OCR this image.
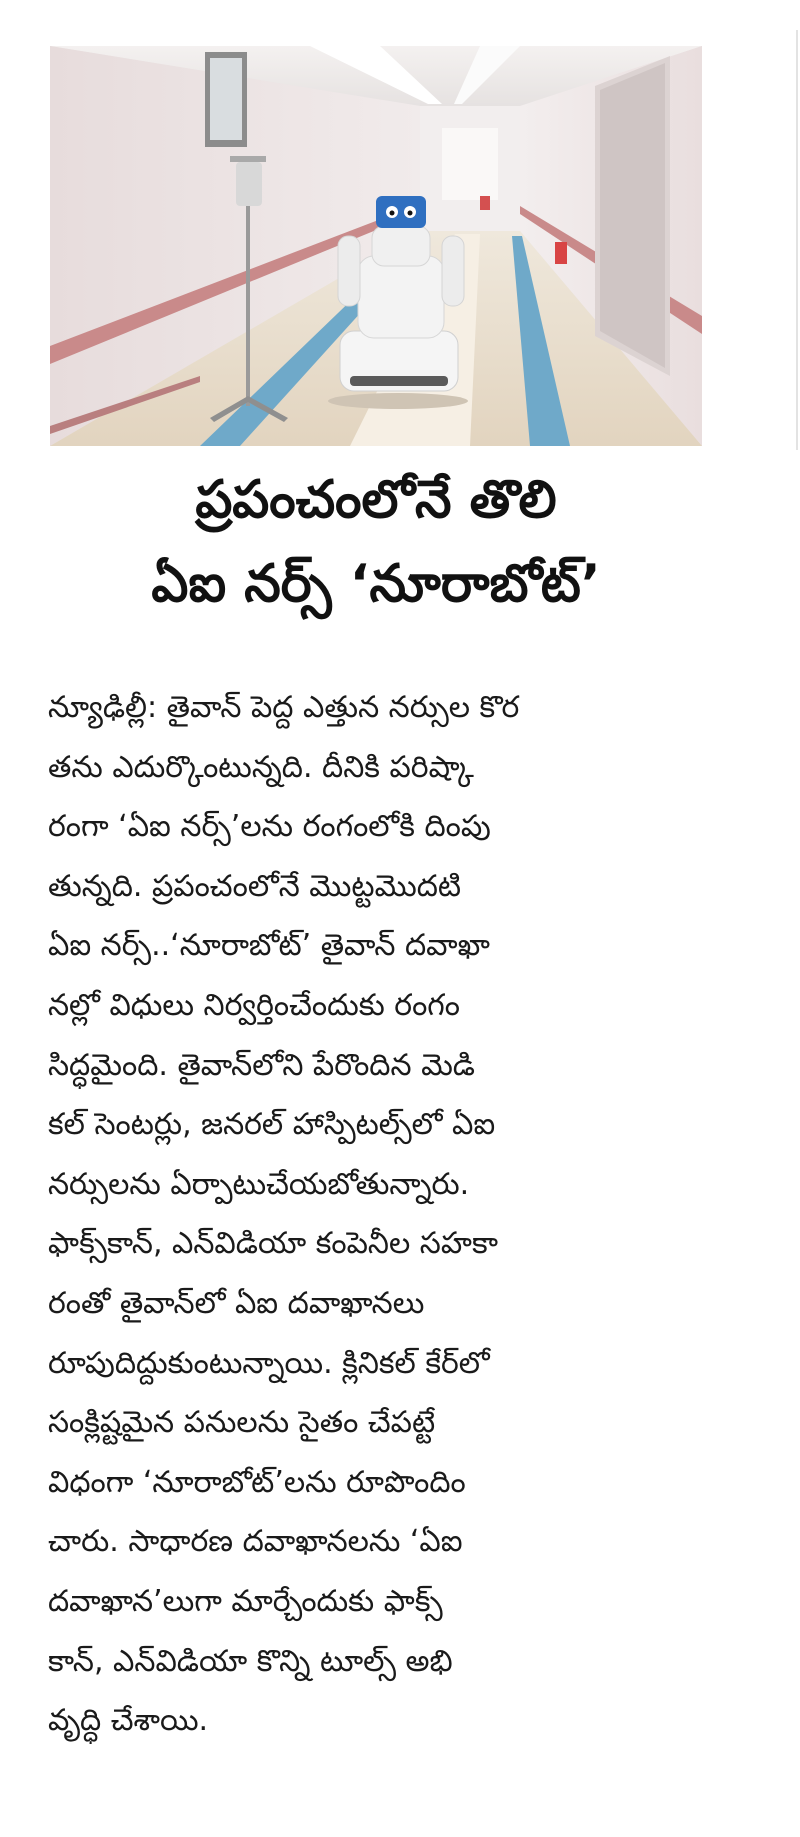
ప్రపంచంలోనే తొలి
ఏఐ నర్స్ ‘నూరాబోట్’
న్యూఢిల్లీ: తైవాన్ పెద్ద ఎత్తున నర్సుల కొర
తను ఎదుర్కొంటున్నది. దీనికి పరిష్కా
రంగా ‘ఏఐ నర్స్’లను రంగంలోకి దింపు
తున్నది. ప్రపంచంలోనే మొట్టమొదటి
ఏఐ నర్స్..‘నూరాబోట్’ తైవాన్ దవాఖా
నల్లో విధులు నిర్వర్తించేందుకు రంగం
సిద్ధమైంది. తైవాన్‌లోని పేరొందిన మెడి
కల్ సెంటర్లు, జనరల్ హాస్పిటల్స్‌లో ఏఐ
నర్సులను ఏర్పాటుచేయబోతున్నారు.
ఫాక్స్‌కాన్, ఎన్‌విడియా కంపెనీల సహకా
రంతో తైవాన్‌లో ఏఐ దవాఖానలు
రూపుదిద్దుకుంటున్నాయి. క్లినికల్ కేర్‌లో
సంక్లిష్టమైన పనులను సైతం చేపట్టే
విధంగా ‘నూరాబోట్’లను రూపొందిం
చారు. సాధారణ దవాఖానలను ‘ఏఐ
దవాఖాన’లుగా మార్చేందుకు ఫాక్స్
కాన్, ఎన్‌విడియా కొన్ని టూల్స్ అభి
వృద్ధి చేశాయి.
